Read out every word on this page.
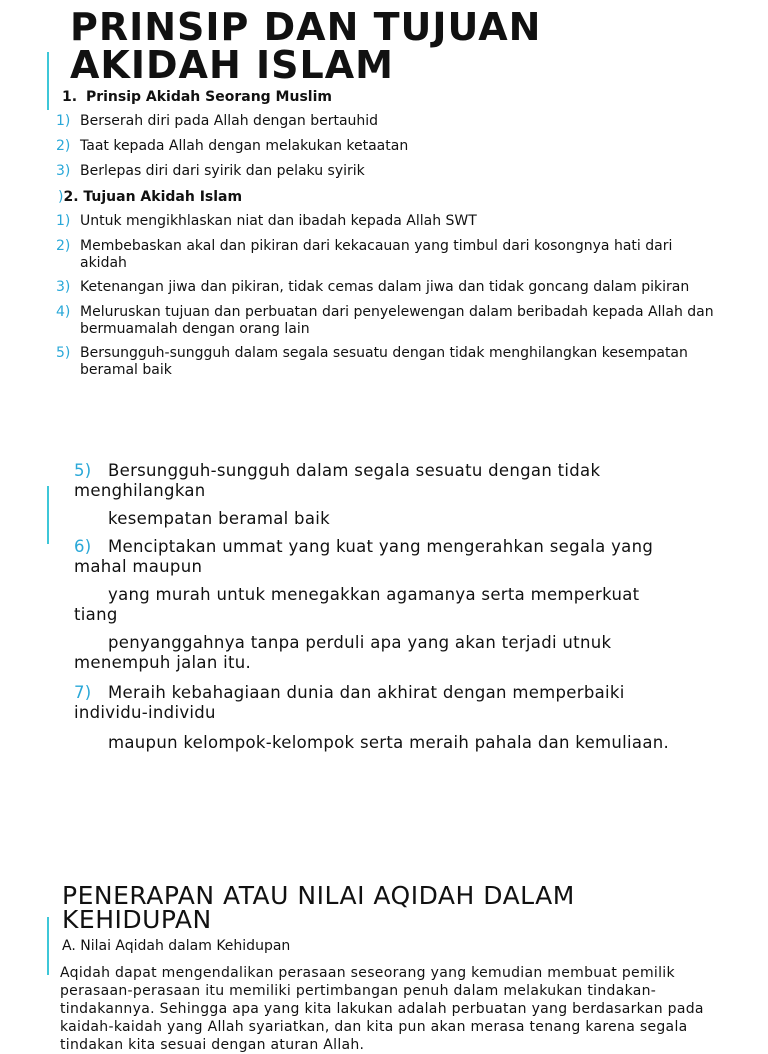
PRINSIP DAN TUJUAN
AKIDAH ISLAM
1. Prinsip Akidah Seorang Muslim
1) Berserah diri pada Allah dengan bertauhid
2) Taat kepada Allah dengan melakukan ketaatan
3) Berlepas diri dari syirik dan pelaku syirik
)2. Tujuan Akidah Islam
1) Untuk mengikhlaskan niat dan ibadah kepada Allah SWT
2) Membebaskan akal dan pikiran dari kekacauan yang timbul dari kosongnya hati dari akidah
3) Ketenangan jiwa dan pikiran, tidak cemas dalam jiwa dan tidak goncang dalam pikiran
4) Meluruskan tujuan dan perbuatan dari penyelewengan dalam beribadah kepada Allah dan bermuamalah dengan orang lain
5) Bersungguh-sungguh dalam segala sesuatu dengan tidak menghilangkan kesempatan beramal baik

5) Bersungguh-sungguh dalam segala sesuatu dengan tidak menghilangkan

kesempatan beramal baik

6) Menciptakan ummat yang kuat yang mengerahkan segala yang mahal maupun

yang murah untuk menegakkan agamanya serta memperkuat tiang

penyanggahnya tanpa perduli apa yang akan terjadi utnuk menempuh jalan itu.

7) Meraih kebahagiaan dunia dan akhirat dengan memperbaiki individu-individu

maupun kelompok-kelompok serta meraih pahala dan kemuliaan.

PENERAPAN ATAU NILAI AQIDAH DALAM
KEHIDUPAN
A. Nilai Aqidah dalam Kehidupan
Aqidah dapat mengendalikan perasaan seseorang yang kemudian membuat pemilik perasaan-perasaan itu memiliki pertimbangan penuh dalam melakukan tindakan-tindakannya. Sehingga apa yang kita lakukan adalah perbuatan yang berdasarkan pada kaidah-kaidah yang Allah syariatkan, dan kita pun akan merasa tenang karena segala tindakan kita sesuai dengan aturan Allah.
